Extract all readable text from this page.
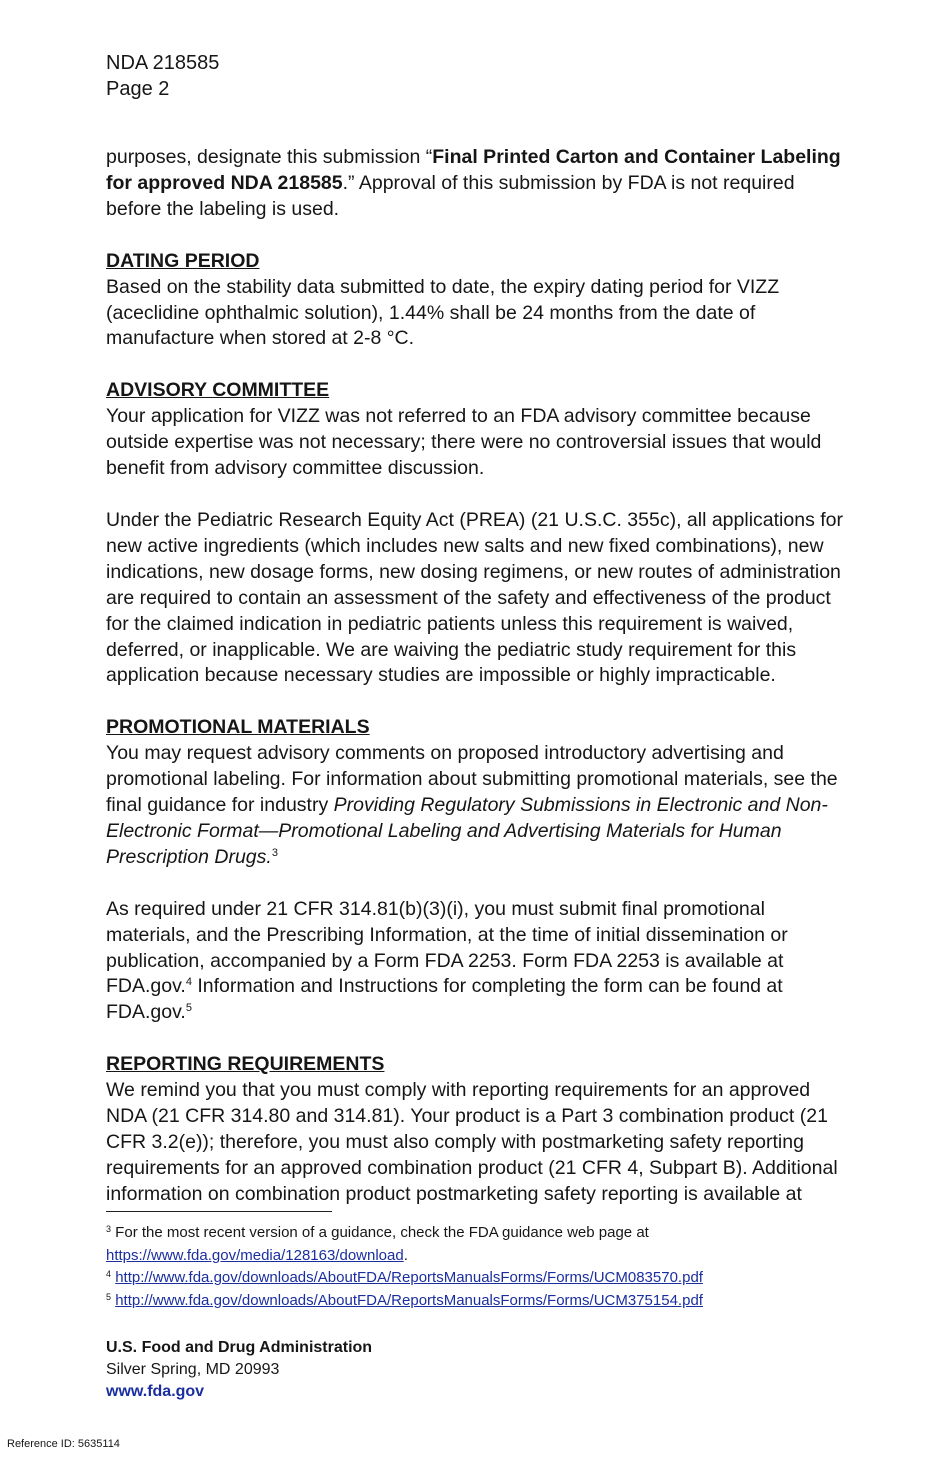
NDA 218585
Page 2

purposes, designate this submission “Final Printed Carton and Container Labeling for approved NDA 218585.” Approval of this submission by FDA is not required before the labeling is used.

DATING PERIOD

Based on the stability data submitted to date, the expiry dating period for VIZZ (aceclidine ophthalmic solution), 1.44% shall be 24 months from the date of manufacture when stored at 2-8 °C.

ADVISORY COMMITTEE

Your application for VIZZ was not referred to an FDA advisory committee because outside expertise was not necessary; there were no controversial issues that would benefit from advisory committee discussion.

Under the Pediatric Research Equity Act (PREA) (21 U.S.C. 355c), all applications for new active ingredients (which includes new salts and new fixed combinations), new indications, new dosage forms, new dosing regimens, or new routes of administration are required to contain an assessment of the safety and effectiveness of the product for the claimed indication in pediatric patients unless this requirement is waived, deferred, or inapplicable. We are waiving the pediatric study requirement for this application because necessary studies are impossible or highly impracticable.

PROMOTIONAL MATERIALS

You may request advisory comments on proposed introductory advertising and promotional labeling. For information about submitting promotional materials, see the final guidance for industry Providing Regulatory Submissions in Electronic and Non-Electronic Format—Promotional Labeling and Advertising Materials for Human Prescription Drugs.$^3$

As required under 21 CFR 314.81(b)(3)(i), you must submit final promotional materials, and the Prescribing Information, at the time of initial dissemination or publication, accompanied by a Form FDA 2253. Form FDA 2253 is available at FDA.gov.$^4$ Information and Instructions for completing the form can be found at FDA.gov.$^5$

REPORTING REQUIREMENTS

We remind you that you must comply with reporting requirements for an approved NDA (21 CFR 314.80 and 314.81). Your product is a Part 3 combination product (21 CFR 3.2(e)); therefore, you must also comply with postmarketing safety reporting requirements for an approved combination product (21 CFR 4, Subpart B). Additional information on combination product postmarketing safety reporting is available at

$^3$ For the most recent version of a guidance, check the FDA guidance web page at
https://www.fda.gov/media/128163/download.
$^4$ http://www.fda.gov/downloads/AboutFDA/ReportsManualsForms/Forms/UCM083570.pdf
$^5$ http://www.fda.gov/downloads/AboutFDA/ReportsManualsForms/Forms/UCM375154.pdf
U.S. Food and Drug Administration
Silver Spring, MD 20993
www.fda.gov
Reference ID: 5635114
